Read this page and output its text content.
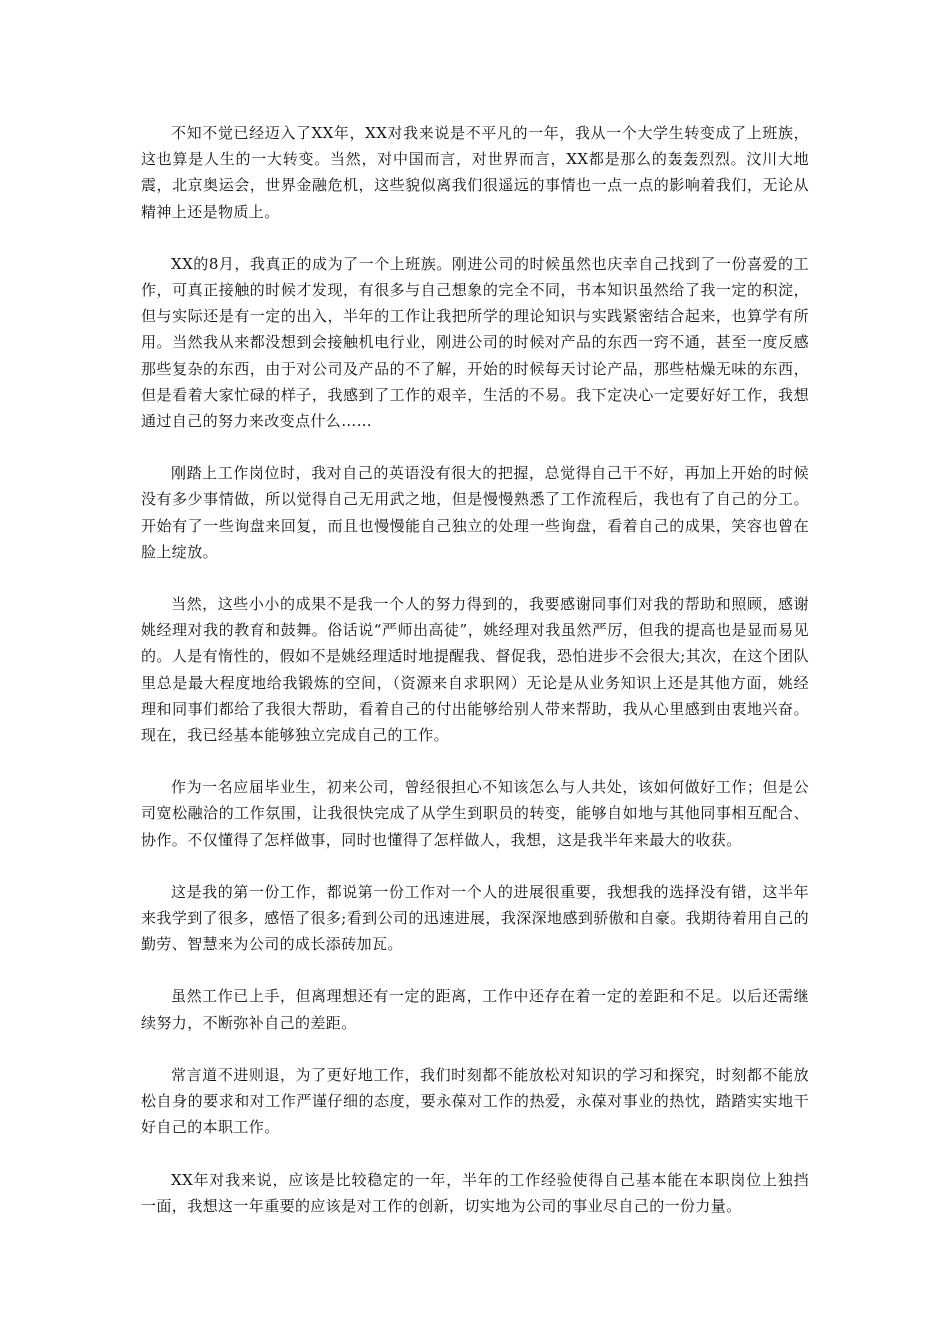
不知不觉已经迈入了XX年，XX对我来说是不平凡的一年，我从一个大学生转变成了上班族，这也算是人生的一大转变。当然，对中国而言，对世界而言，XX都是那么的轰轰烈烈。汶川大地震，北京奥运会，世界金融危机，这些貌似离我们很遥远的事情也一点一点的影响着我们，无论从精神上还是物质上。

XX的8月，我真正的成为了一个上班族。刚进公司的时候虽然也庆幸自己找到了一份喜爱的工作，可真正接触的时候才发现，有很多与自己想象的完全不同，书本知识虽然给了我一定的积淀，但与实际还是有一定的出入，半年的工作让我把所学的理论知识与实践紧密结合起来，也算学有所用。当然我从来都没想到会接触机电行业，刚进公司的时候对产品的东西一窍不通，甚至一度反感那些复杂的东西，由于对公司及产品的不了解，开始的时候每天讨论产品，那些枯燥无味的东西，但是看着大家忙碌的样子，我感到了工作的艰辛，生活的不易。我下定决心一定要好好工作，我想通过自己的努力来改变点什么……

刚踏上工作岗位时，我对自己的英语没有很大的把握，总觉得自己干不好，再加上开始的时候没有多少事情做，所以觉得自己无用武之地，但是慢慢熟悉了工作流程后，我也有了自己的分工。开始有了一些询盘来回复，而且也慢慢能自己独立的处理一些询盘，看着自己的成果，笑容也曾在脸上绽放。

当然，这些小小的成果不是我一个人的努力得到的，我要感谢同事们对我的帮助和照顾，感谢姚经理对我的教育和鼓舞。俗话说“严师出高徒”，姚经理对我虽然严厉，但我的提高也是显而易见的。人是有惰性的，假如不是姚经理适时地提醒我、督促我，恐怕进步不会很大;其次，在这个团队里总是最大程度地给我锻炼的空间，（资源来自求职网）无论是从业务知识上还是其他方面，姚经理和同事们都给了我很大帮助，看着自己的付出能够给别人带来帮助，我从心里感到由衷地兴奋。现在，我已经基本能够独立完成自己的工作。

作为一名应届毕业生，初来公司，曾经很担心不知该怎么与人共处，该如何做好工作；但是公司宽松融洽的工作氛围，让我很快完成了从学生到职员的转变，能够自如地与其他同事相互配合、协作。不仅懂得了怎样做事，同时也懂得了怎样做人，我想，这是我半年来最大的收获。

这是我的第一份工作，都说第一份工作对一个人的进展很重要，我想我的选择没有错，这半年来我学到了很多，感悟了很多;看到公司的迅速进展，我深深地感到骄傲和自豪。我期待着用自己的勤劳、智慧来为公司的成长添砖加瓦。

虽然工作已上手，但离理想还有一定的距离，工作中还存在着一定的差距和不足。以后还需继续努力，不断弥补自己的差距。

常言道不进则退，为了更好地工作，我们时刻都不能放松对知识的学习和探究，时刻都不能放松自身的要求和对工作严谨仔细的态度，要永葆对工作的热爱，永葆对事业的热忱，踏踏实实地干好自己的本职工作。

XX年对我来说，应该是比较稳定的一年，半年的工作经验使得自己基本能在本职岗位上独挡一面，我想这一年重要的应该是对工作的创新，切实地为公司的事业尽自己的一份力量。
